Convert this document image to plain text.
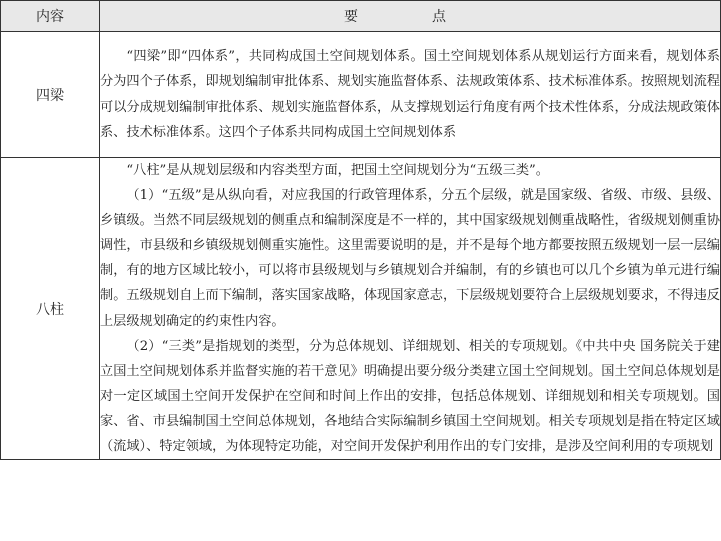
内容	要　点
四梁	“四梁”即“四体系”，共同构成国土空间规划体系。国土空间规划体系从规划运行方面来看，规划体系分为四个子体系，即规划编制审批体系、规划实施监督体系、法规政策体系、技术标准体系。按照规划流程可以分成规划编制审批体系、规划实施监督体系，从支撑规划运行角度有两个技术性体系，分成法规政策体系、技术标准体系。这四个子体系共同构成国土空间规划体系

八柱	“八柱”是从规划层级和内容类型方面，把国土空间规划分为“五级三类”。

（1）“五级”是从纵向看，对应我国的行政管理体系，分五个层级，就是国家级、省级、市级、县级、乡镇级。当然不同层级规划的侧重点和编制深度是不一样的，其中国家级规划侧重战略性，省级规划侧重协调性，市县级和乡镇级规划侧重实施性。这里需要说明的是，并不是每个地方都要按照五级规划一层一层编制，有的地方区域比较小，可以将市县级规划与乡镇规划合并编制，有的乡镇也可以几个乡镇为单元进行编制。五级规划自上而下编制，落实国家战略，体现国家意志，下层级规划要符合上层级规划要求，不得违反上层级规划确定的约束性内容。

（2）“三类”是指规划的类型，分为总体规划、详细规划、相关的专项规划。《中共中央 国务院关于建立国土空间规划体系并监督实施的若干意见》明确提出要分级分类建立国土空间规划。国土空间总体规划是对一定区域国土空间开发保护在空间和时间上作出的安排，包括总体规划、详细规划和相关专项规划。国家、省、市县编制国土空间总体规划，各地结合实际编制乡镇国土空间规划。相关专项规划是指在特定区域（流域）、特定领域，为体现特定功能，对空间开发保护利用作出的专门安排，是涉及空间利用的专项规划
